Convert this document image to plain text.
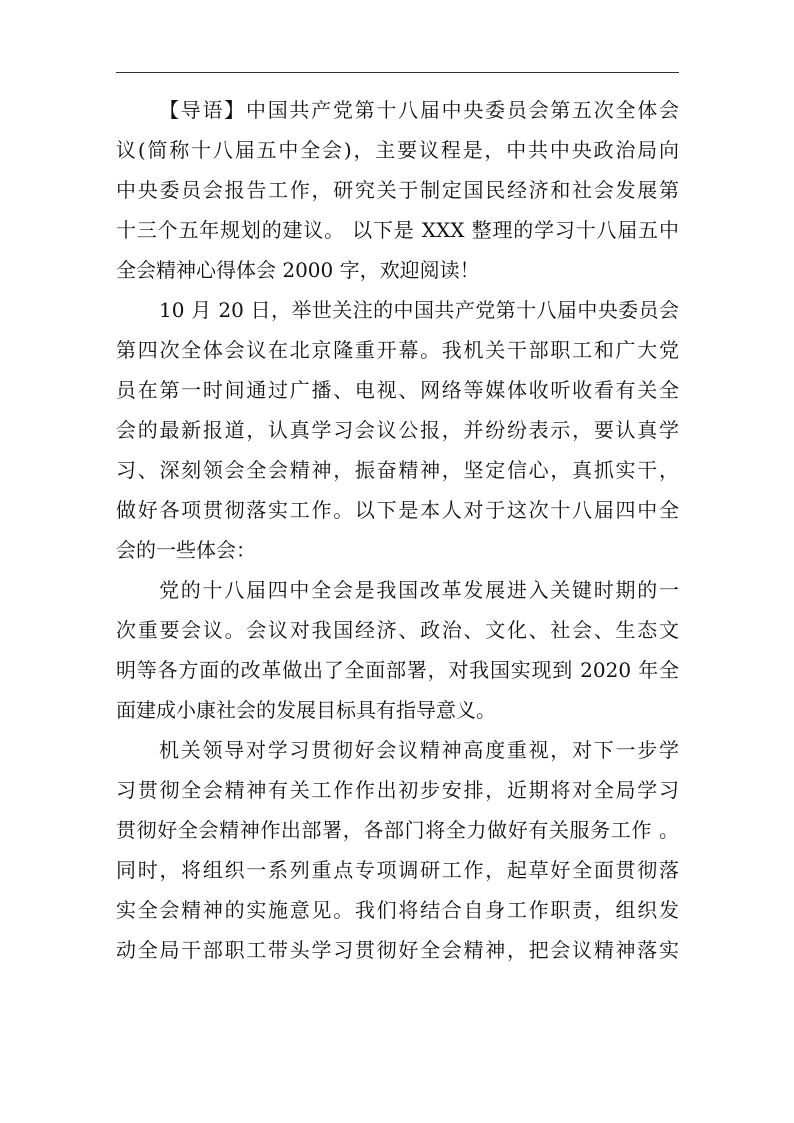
【导语】中国共产党第十八届中央委员会第五次全体会
议(简称十八届五中全会)，主要议程是，中共中央政治局向
中央委员会报告工作，研究关于制定国民经济和社会发展第
十三个五年规划的建议。 以下是 XXX 整理的学习十八届五中
全会精神心得体会 2000 字，欢迎阅读！
10 月 20 日，举世关注的中国共产党第十八届中央委员会
第四次全体会议在北京隆重开幕。我机关干部职工和广大党
员在第一时间通过广播、电视、网络等媒体收听收看有关全
会的最新报道，认真学习会议公报，并纷纷表示，要认真学
习、深刻领会全会精神，振奋精神，坚定信心，真抓实干，
做好各项贯彻落实工作。以下是本人对于这次十八届四中全
会的一些体会：
党的十八届四中全会是我国改革发展进入关键时期的一
次重要会议。会议对我国经济、政治、文化、社会、生态文
明等各方面的改革做出了全面部署，对我国实现到 2020 年全
面建成小康社会的发展目标具有指导意义。
机关领导对学习贯彻好会议精神高度重视，对下一步学
习贯彻全会精神有关工作作出初步安排，近期将对全局学习
贯彻好全会精神作出部署，各部门将全力做好有关服务工作 。
同时，将组织一系列重点专项调研工作，起草好全面贯彻落
实全会精神的实施意见。我们将结合自身工作职责，组织发
动全局干部职工带头学习贯彻好全会精神，把会议精神落实
